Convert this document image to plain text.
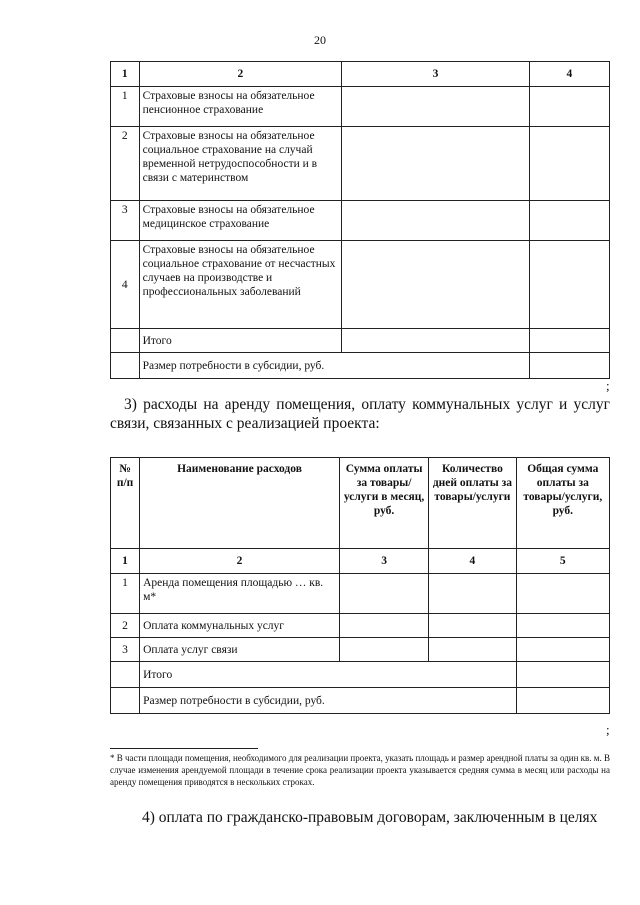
20
1	2	3	4
1	Страховые взносы на обязательное пенсионное страхование		
2	Страховые взносы на обязательное социальное страхование на случай временной нетрудоспособности и в связи с материнством		
3	Страховые взносы на обязательное медицинское страхование		
4	Страховые взносы на обязательное социальное страхование от несчастных случаев на производстве и профессиональных заболеваний		
	Итого		
	Размер потребности в субсидии, руб.		
;
3) расходы на аренду помещения, оплату коммунальных услуг и услуг связи, связанных с реализацией проекта:
№ п/п	Наименование расходов	Сумма оплаты за товары/услуги в месяц, руб.	Количество дней оплаты за товары/услуги	Общая сумма оплаты за товары/услуги, руб.
1	2	3	4	5
1	Аренда помещения площадью … кв. м*			
2	Оплата коммунальных услуг			
3	Оплата услуг связи			
	Итого			
	Размер потребности в субсидии, руб.			
;
* В части площади помещения, необходимого для реализации проекта, указать площадь и размер арендной платы за один кв. м. В случае изменения арендуемой площади в течение срока реализации проекта указывается средняя сумма в месяц или расходы на аренду помещения приводятся в нескольких строках.
4) оплата по гражданско-правовым договорам, заключенным в целях
